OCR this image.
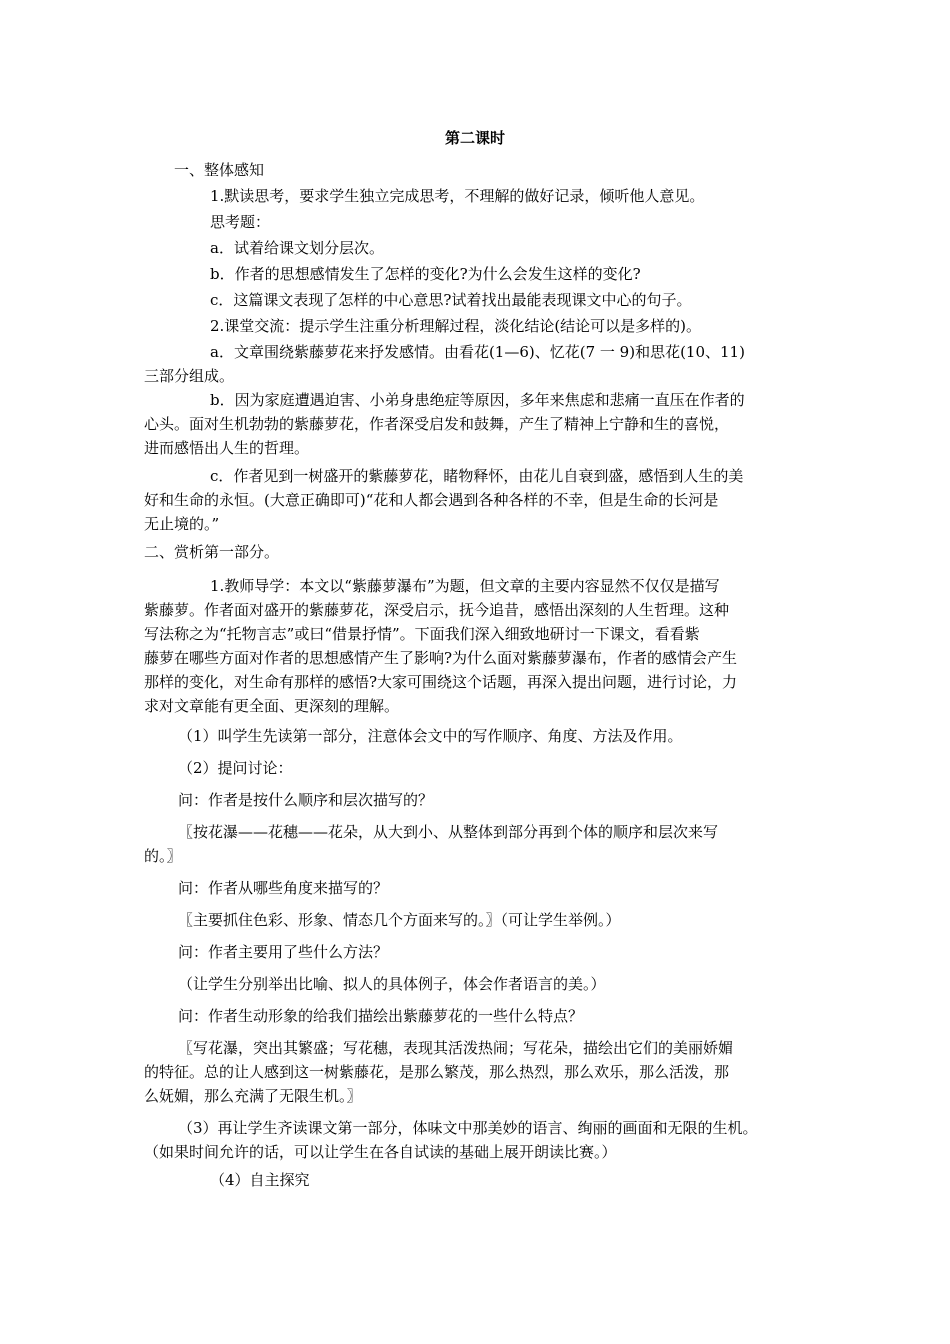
第二课时
一、整体感知
1.默读思考，要求学生独立完成思考，不理解的做好记录，倾听他人意见。
思考题：
a．试着给课文划分层次。
b．作者的思想感情发生了怎样的变化?为什么会发生这样的变化?
c．这篇课文表现了怎样的中心意思?试着找出最能表现课文中心的句子。
2.课堂交流：提示学生注重分析理解过程，淡化结论(结论可以是多样的)。
a．文章围绕紫藤萝花来抒发感情。由看花(1—6)、忆花(7 一 9)和思花(10、11)
三部分组成。
b．因为家庭遭遇迫害、小弟身患绝症等原因，多年来焦虑和悲痛一直压在作者的
心头。面对生机勃勃的紫藤萝花，作者深受启发和鼓舞，产生了精神上宁静和生的喜悦，
进而感悟出人生的哲理。
c．作者见到一树盛开的紫藤萝花，睹物释怀，由花儿自衰到盛，感悟到人生的美
好和生命的永恒。(大意正确即可)“花和人都会遇到各种各样的不幸，但是生命的长河是
无止境的。”
二、赏析第一部分。
1.教师导学：本文以“紫藤萝瀑布”为题，但文章的主要内容显然不仅仅是描写
紫藤萝。作者面对盛开的紫藤萝花，深受启示，抚今追昔，感悟出深刻的人生哲理。这种
写法称之为“托物言志”或曰“借景抒情”。下面我们深入细致地研讨一下课文，看看紫
藤萝在哪些方面对作者的思想感情产生了影响?为什么面对紫藤萝瀑布，作者的感情会产生
那样的变化，对生命有那样的感悟?大家可围绕这个话题，再深入提出问题，进行讨论，力
求对文章能有更全面、更深刻的理解。
（1）叫学生先读第一部分，注意体会文中的写作顺序、角度、方法及作用。
（2）提问讨论：
问：作者是按什么顺序和层次描写的？
〖按花瀑——花穗——花朵，从大到小、从整体到部分再到个体的顺序和层次来写
的。〗
问：作者从哪些角度来描写的？
〖主要抓住色彩、形象、情态几个方面来写的。〗（可让学生举例。）
问：作者主要用了些什么方法？
（让学生分别举出比喻、拟人的具体例子，体会作者语言的美。）
问：作者生动形象的给我们描绘出紫藤萝花的一些什么特点？
〖写花瀑，突出其繁盛；写花穗，表现其活泼热闹；写花朵，描绘出它们的美丽娇媚
的特征。总的让人感到这一树紫藤花，是那么繁茂，那么热烈，那么欢乐，那么活泼，那
么妩媚，那么充满了无限生机。〗
（3）再让学生齐读课文第一部分，体味文中那美妙的语言、绚丽的画面和无限的生机。
（如果时间允许的话，可以让学生在各自试读的基础上展开朗读比赛。）
（4）自主探究
